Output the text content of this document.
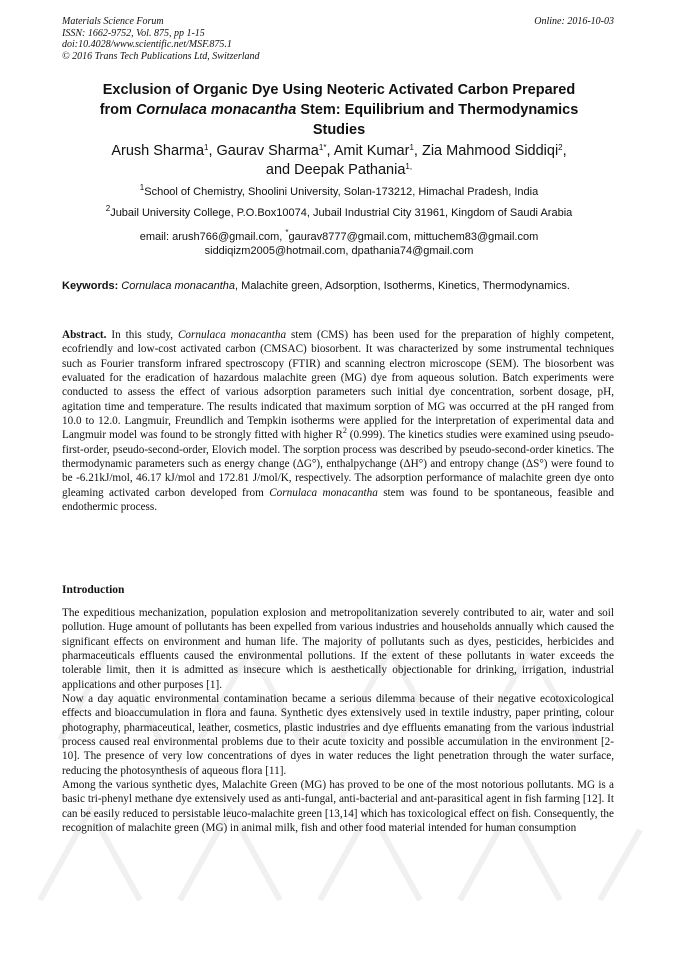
Materials Science Forum
ISSN: 1662-9752, Vol. 875, pp 1-15
doi:10.4028/www.scientific.net/MSF.875.1
© 2016 Trans Tech Publications Ltd, Switzerland
Online: 2016-10-03
Exclusion of Organic Dye Using Neoteric Activated Carbon Prepared
from Cornulaca monacantha Stem: Equilibrium and Thermodynamics
Studies
Arush Sharma$^1$, Gaurav Sharma$^{1*}$, Amit Kumar$^1$, Zia Mahmood Siddiqi$^2$,
and Deepak Pathania$^{1,}$
$^1$School of Chemistry, Shoolini University, Solan-173212, Himachal Pradesh, India
$^2$Jubail University College, P.O.Box10074, Jubail Industrial City 31961, Kingdom of Saudi Arabia
email: arush766@gmail.com, *gaurav8777@gmail.com, mittuchem83@gmail.com
siddiqizm2005@hotmail.com, dpathania74@gmail.com
Keywords: Cornulaca monacantha, Malachite green, Adsorption, Isotherms, Kinetics, Thermodynamics.
Abstract. In this study, Cornulaca monacantha stem (CMS) has been used for the preparation of highly competent, ecofriendly and low-cost activated carbon (CMSAC) biosorbent. It was characterized by some instrumental techniques such as Fourier transform infrared spectroscopy (FTIR) and scanning electron microscope (SEM). The biosorbent was evaluated for the eradication of hazardous malachite green (MG) dye from aqueous solution. Batch experiments were conducted to assess the effect of various adsorption parameters such initial dye concentration, sorbent dosage, pH, agitation time and temperature. The results indicated that maximum sorption of MG was occurred at the pH ranged from 10.0 to 12.0. Langmuir, Freundlich and Tempkin isotherms were applied for the interpretation of experimental data and Langmuir model was found to be strongly fitted with higher $R^2$ (0.999). The kinetics studies were examined using pseudo-first-order, pseudo-second-order, Elovich model. The sorption process was described by pseudo-second-order kinetics. The thermodynamic parameters such as energy change (ΔG°), enthalpychange (ΔH°) and entropy change (ΔS°) were found to be -6.21kJ/mol, 46.17 kJ/mol and 172.81 J/mol/K, respectively. The adsorption performance of malachite green dye onto gleaming activated carbon developed from Cornulaca monacantha stem was found to be spontaneous, feasible and endothermic process.
Introduction

The expeditious mechanization, population explosion and metropolitanization severely contributed to air, water and soil pollution. Huge amount of pollutants has been expelled from various industries and households annually which caused the significant effects on environment and human life. The majority of pollutants such as dyes, pesticides, herbicides and pharmaceuticals effluents caused the environmental pollutions. If the extent of these pollutants in water exceeds the tolerable limit, then it is admitted as insecure which is aesthetically objectionable for drinking, irrigation, industrial applications and other purposes [1].

Now a day aquatic environmental contamination became a serious dilemma because of their negative ecotoxicological effects and bioaccumulation in flora and fauna. Synthetic dyes extensively used in textile industry, paper printing, colour photography, pharmaceutical, leather, cosmetics, plastic industries and dye effluents emanating from the various industrial process caused real environmental problems due to their acute toxicity and possible accumulation in the environment [2-10]. The presence of very low concentrations of dyes in water reduces the light penetration through the water surface, reducing the photosynthesis of aqueous flora [11].

Among the various synthetic dyes, Malachite Green (MG) has proved to be one of the most notorious pollutants. MG is a basic tri-phenyl methane dye extensively used as anti-fungal, anti-bacterial and ant-parasitical agent in fish farming [12]. It can be easily reduced to persistable leuco-malachite green [13,14] which has toxicological effect on fish. Consequently, the recognition of malachite green (MG) in animal milk, fish and other food material intended for human consumption
